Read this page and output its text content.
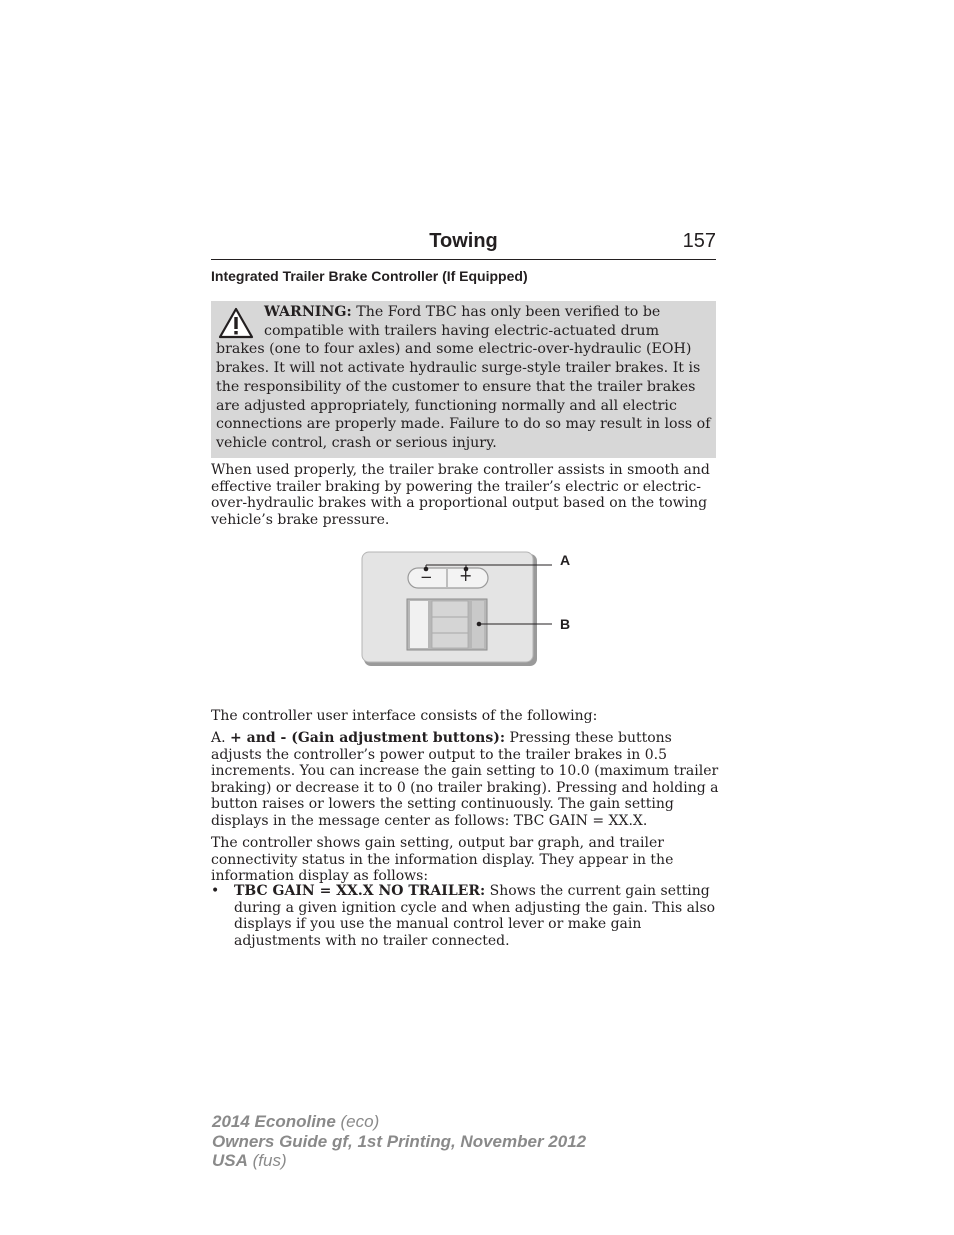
Towing	157
Integrated Trailer Brake Controller (If Equipped)

WARNING: The Ford TBC has only been verified to be compatible with trailers having electric-actuated drum brakes (one to four axles) and some electric-over-hydraulic (EOH) brakes. It will not activate hydraulic surge-style trailer brakes. It is the responsibility of the customer to ensure that the trailer brakes are adjusted appropriately, functioning normally and all electric connections are properly made. Failure to do so may result in loss of vehicle control, crash or serious injury.

When used properly, the trailer brake controller assists in smooth and effective trailer braking by powering the trailer’s electric or electric-over-hydraulic brakes with a proportional output based on the towing vehicle’s brake pressure.

− +
A
B

The controller user interface consists of the following:

A. + and - (Gain adjustment buttons): Pressing these buttons adjusts the controller’s power output to the trailer brakes in 0.5 increments. You can increase the gain setting to 10.0 (maximum trailer braking) or decrease it to 0 (no trailer braking). Pressing and holding a button raises or lowers the setting continuously. The gain setting displays in the message center as follows: TBC GAIN = XX.X.

The controller shows gain setting, output bar graph, and trailer connectivity status in the information display. They appear in the information display as follows:

• TBC GAIN = XX.X NO TRAILER: Shows the current gain setting during a given ignition cycle and when adjusting the gain. This also displays if you use the manual control lever or make gain adjustments with no trailer connected.
2014 Econoline (eco)
Owners Guide gf, 1st Printing, November 2012
USA (fus)
